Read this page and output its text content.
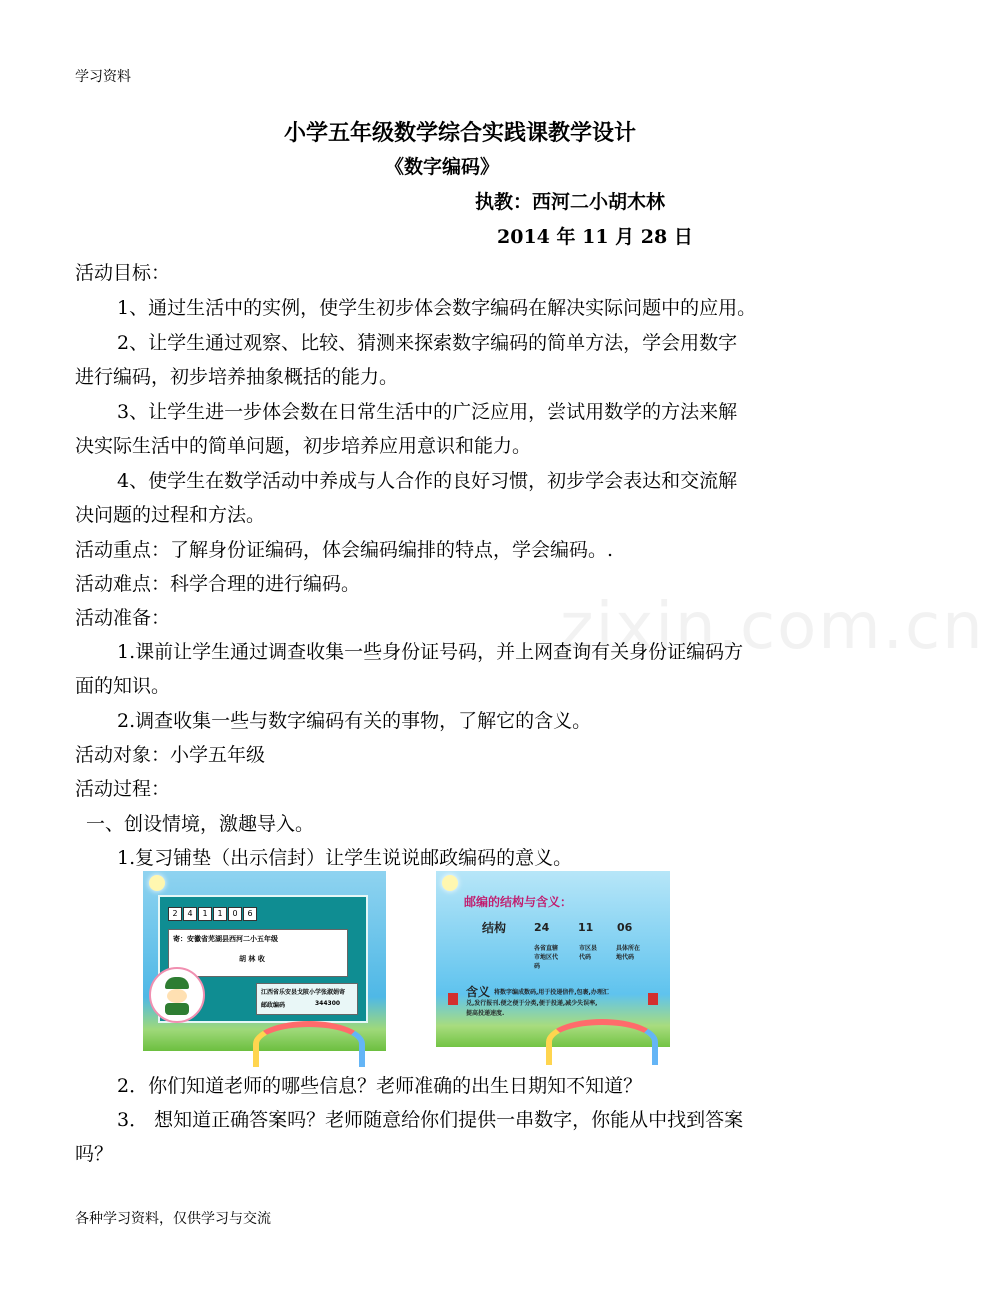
学习资料
小学五年级数学综合实践课教学设计
《数字编码》
执教：西河二小胡木林
2014 年 11 月 28 日
zixin.com.cn
活动目标：
1、通过生活中的实例，使学生初步体会数字编码在解决实际问题中的应用。
2、让学生通过观察、比较、猜测来探索数字编码的简单方法，学会用数字
进行编码，初步培养抽象概括的能力。
3、让学生进一步体会数在日常生活中的广泛应用，尝试用数学的方法来解
决实际生活中的简单问题，初步培养应用意识和能力。
4、使学生在数学活动中养成与人合作的良好习惯，初步学会表达和交流解
决问题的过程和方法。
活动重点：了解身份证编码，体会编码编排的特点，学会编码。.
活动难点：科学合理的进行编码。
活动准备：
1.课前让学生通过调查收集一些身份证号码，并上网查询有关身份证编码方
面的知识。
2.调查收集一些与数字编码有关的事物，了解它的含义。
活动对象：小学五年级
活动过程：
一、创设情境，激趣导入。
1.复习铺垫（出示信封）让学生说说邮政编码的意义。
2	4	1	1	0	6
寄：安徽省芜湖县西河二小五年级
胡 林 收
江西省乐安县戈陂小学张淑娟寄
邮政编码	344300
邮编的结构与含义：
结构	24	11 06
各省直辖市地区代码
市区县代码
具体所在地代码
含义 将数字编成数码,用于投递信件,包裹,办理汇
兑,发行报刊.便之便于分类,便于投递,减少失误率,
提高投递速度.
2．你们知道老师的哪些信息？老师准确的出生日期知不知道？
3． 想知道正确答案吗？老师随意给你们提供一串数字，你能从中找到答案
吗？
各种学习资料，仅供学习与交流
